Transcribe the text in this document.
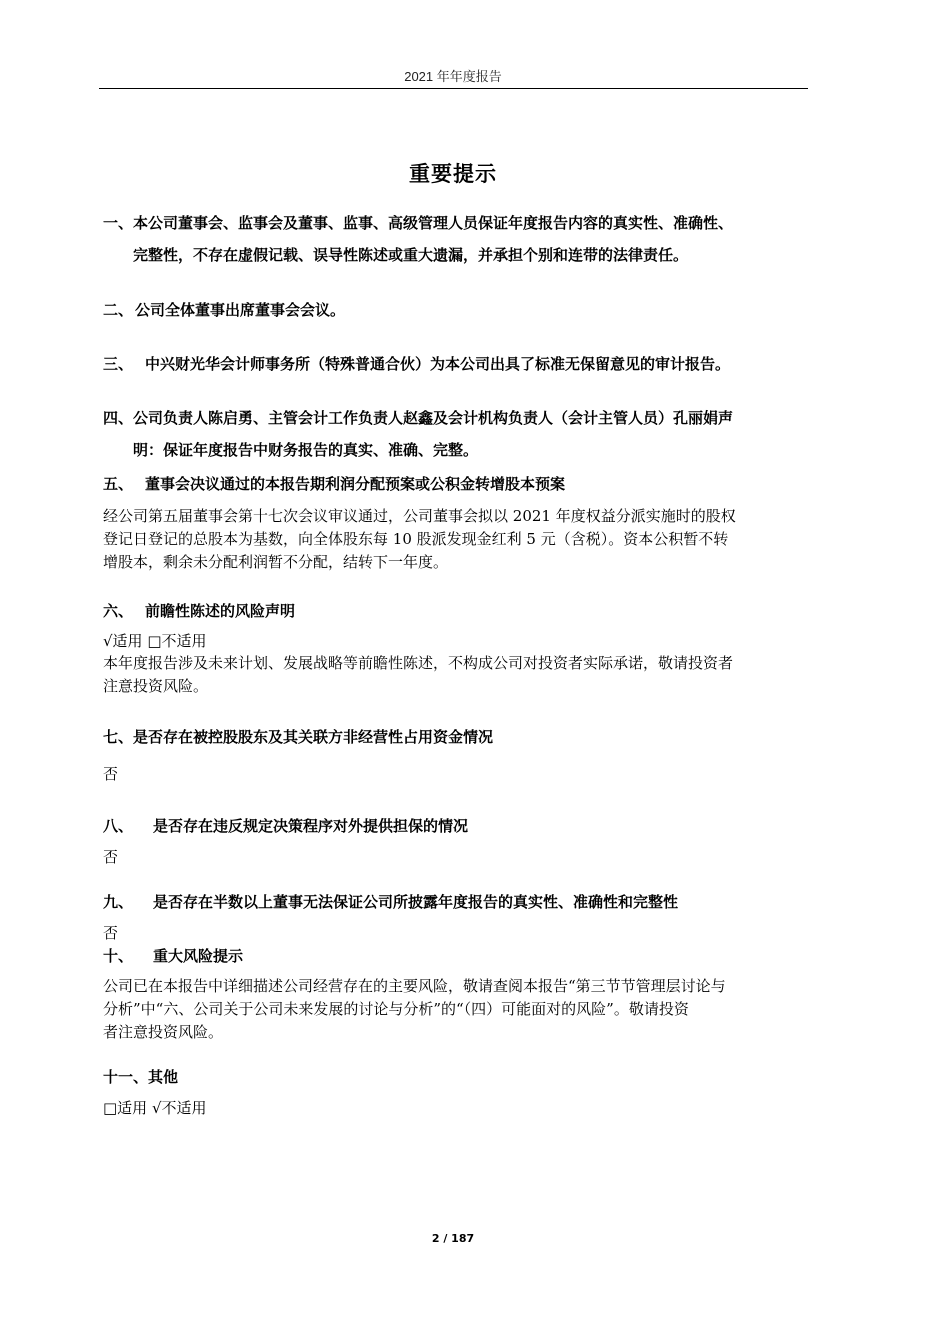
2021 年年度报告
重要提示
一、本公司董事会、监事会及董事、监事、高级管理人员保证年度报告内容的真实性、准确性、
完整性，不存在虚假记载、误导性陈述或重大遗漏，并承担个别和连带的法律责任。
二、 公司全体董事出席董事会会议。
三、 中兴财光华会计师事务所（特殊普通合伙）为本公司出具了标准无保留意见的审计报告。
四、公司负责人陈启勇、主管会计工作负责人赵鑫及会计机构负责人（会计主管人员）孔丽娟声
明：保证年度报告中财务报告的真实、准确、完整。
五、 董事会决议通过的本报告期利润分配预案或公积金转增股本预案
经公司第五届董事会第十七次会议审议通过，公司董事会拟以 2021 年度权益分派实施时的股权
登记日登记的总股本为基数，向全体股东每 10 股派发现金红利 5 元（含税）。资本公积暂不转
增股本，剩余未分配利润暂不分配，结转下一年度。
六、 前瞻性陈述的风险声明
√适用 □不适用
本年度报告涉及未来计划、发展战略等前瞻性陈述，不构成公司对投资者实际承诺，敬请投资者
注意投资风险。
七、是否存在被控股股东及其关联方非经营性占用资金情况
否
八、 是否存在违反规定决策程序对外提供担保的情况
否
九、 是否存在半数以上董事无法保证公司所披露年度报告的真实性、准确性和完整性
否
十、 重大风险提示
公司已在本报告中详细描述公司经营存在的主要风险，敬请查阅本报告“第三节节管理层讨论与
分析”中“六、公司关于公司未来发展的讨论与分析”的“（四）可能面对的风险”。敬请投资
者注意投资风险。
十一、其他
□适用 √不适用
2 / 187
